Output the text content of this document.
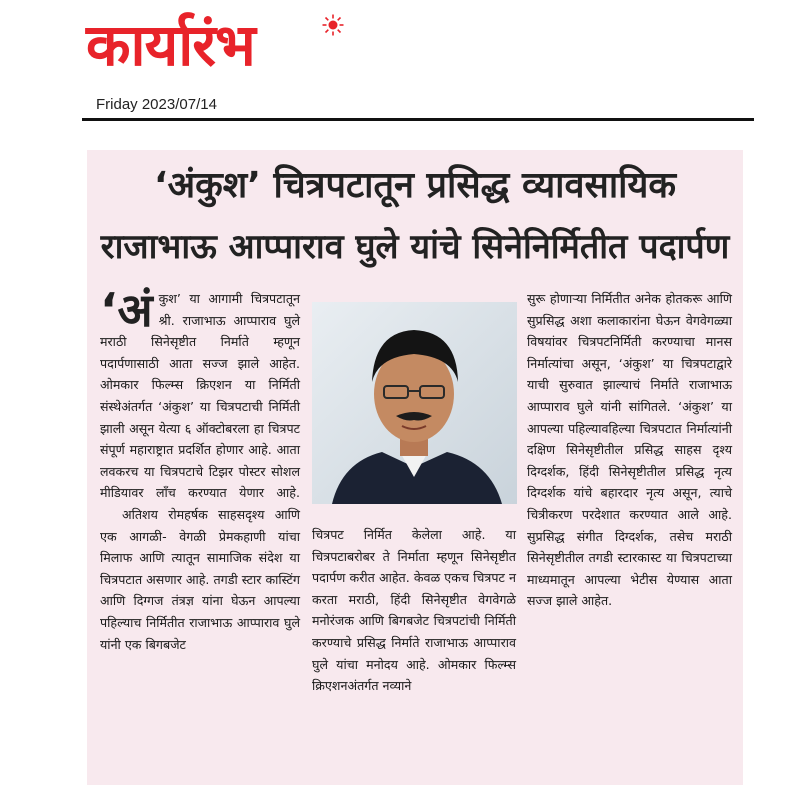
कार्यारंभ
Friday 2023/07/14
‘अंकुश’ चित्रपटातून प्रसिद्ध व्यावसायिक
राजाभाऊ आप्पाराव घुले यांचे सिनेनिर्मितीत पदार्पण
‘अं कुश’ या आगामी चित्रपटातून श्री. राजाभाऊ आप्पाराव घुले मराठी सिनेसृष्टीत निर्माते म्हणून पदार्पणासाठी आता सज्ज झाले आहेत. ओमकार फिल्म्स क्रिएशन या निर्मिती संस्थेअंतर्गत ‘अंकुश’ या चित्रपटाची निर्मिती झाली असून येत्या ६ ऑक्टोबरला हा चित्रपट संपूर्ण महाराष्ट्रात प्रदर्शित होणार आहे. आता लवकरच या चित्रपटाचे टिझर पोस्टर सोशल मीडियावर लाँच करण्यात येणार आहे.

अतिशय रोमहर्षक साहसदृश्य आणि एक आगळी- वेगळी प्रेमकहाणी यांचा मिलाफ आणि त्यातून सामाजिक संदेश या चित्रपटात असणार आहे. तगडी स्टार कास्टिंग आणि दिग्गज तंत्रज्ञ यांना घेऊन आपल्या पहिल्याच निर्मितीत राजाभाऊ आप्पाराव घुले यांनी एक बिगबजेट

चित्रपट निर्मित केलेला आहे. या चित्रपटाबरोबर ते निर्माता म्हणून सिनेसृष्टीत पदार्पण करीत आहेत. केवळ एकच चित्रपट न करता मराठी, हिंदी सिनेसृष्टीत वेगवेगळे मनोरंजक आणि बिगबजेट चित्रपटांची निर्मिती करण्याचे प्रसिद्ध निर्माते राजाभाऊ आप्पाराव घुले यांचा मनोदय आहे. ओमकार फिल्म्स क्रिएशनअंतर्गत नव्याने

सुरू होणाऱ्या निर्मितीत अनेक होतकरू आणि सुप्रसिद्ध अशा कलाकारांना घेऊन वेगवेगळ्या विषयांवर चित्रपटनिर्मिती करण्याचा मानस निर्मात्यांचा असून, ‘अंकुश’ या चित्रपटाद्वारे याची सुरुवात झाल्याचं निर्माते राजाभाऊ आप्पाराव घुले यांनी सांगितले. ‘अंकुश’ या आपल्या पहिल्यावहिल्या चित्रपटात निर्मात्यांनी दक्षिण सिनेसृष्टीतील प्रसिद्ध साहस दृश्य दिग्दर्शक, हिंदी सिनेसृष्टीतील प्रसिद्ध नृत्य दिग्दर्शक यांचे बहारदार नृत्य असून, त्याचे चित्रीकरण परदेशात करण्यात आले आहे. सुप्रसिद्ध संगीत दिग्दर्शक, तसेच मराठी सिनेसृष्टीतील तगडी स्टारकास्ट या चित्रपटाच्या माध्यमातून आपल्या भेटीस येण्यास आता सज्ज झाले आहेत.
